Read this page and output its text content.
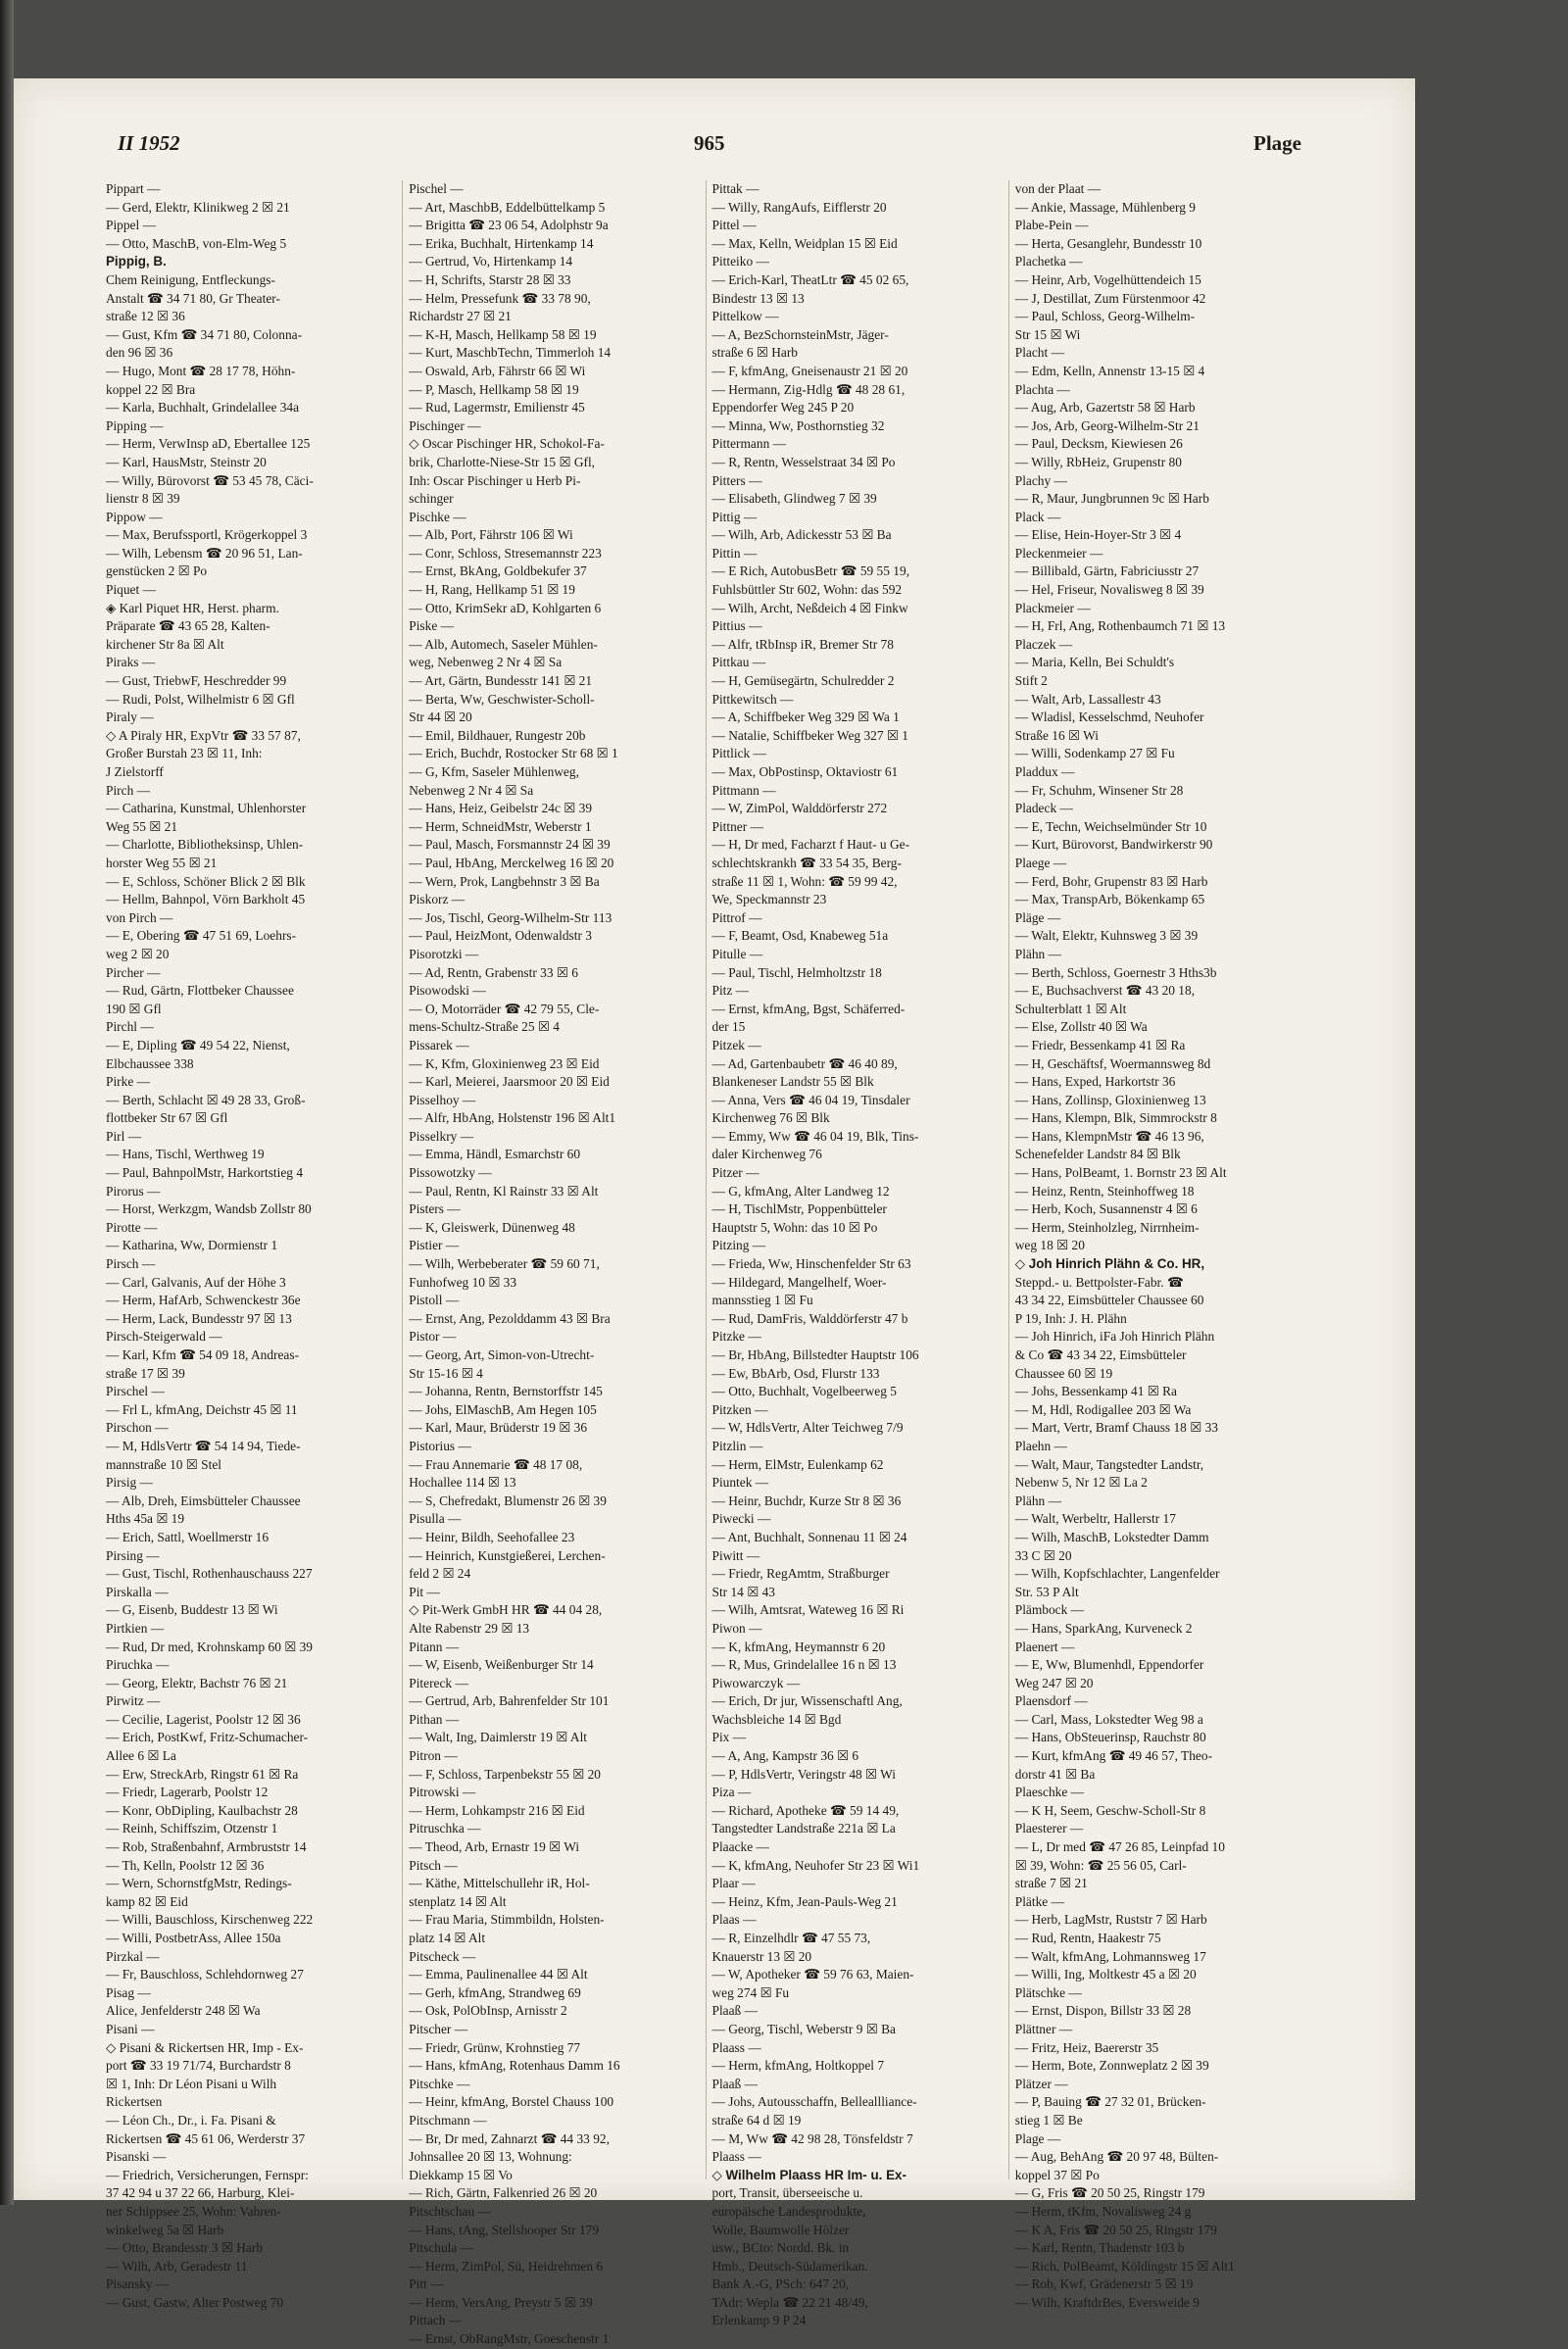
II 1952	965	Plage
Pippart —
— Gerd, Elektr, Klinikweg 2 ☒ 21
Pippel —
— Otto, MaschB, von-Elm-Weg 5
Pippig, B.
Chem Reinigung, Entfleckungs-
Anstalt ☎ 34 71 80, Gr Theater-
straße 12 ☒ 36
— Gust, Kfm ☎ 34 71 80, Colonna-
den 96 ☒ 36
— Hugo, Mont ☎ 28 17 78, Höhn-
koppel 22 ☒ Bra
— Karla, Buchhalt, Grindelallee 34a
Pipping —
— Herm, VerwInsp aD, Ebertallee 125
— Karl, HausMstr, Steinstr 20
— Willy, Bürovorst ☎ 53 45 78, Cäci-
lienstr 8 ☒ 39
Pippow —
— Max, Berufssportl, Krögerkoppel 3
— Wilh, Lebensm ☎ 20 96 51, Lan-
genstücken 2 ☒ Po
Piquet —
◈ Karl Piquet HR, Herst. pharm.
Präparate ☎ 43 65 28, Kalten-
kirchener Str 8a ☒ Alt
Piraks —
— Gust, TriebwF, Heschredder 99
— Rudi, Polst, Wilhelmistr 6 ☒ Gfl
Piraly —
◇ A Piraly HR, ExpVtr ☎ 33 57 87,
Großer Burstah 23 ☒ 11, Inh:
J Zielstorff
Pirch —
— Catharina, Kunstmal, Uhlenhorster
Weg 55 ☒ 21
— Charlotte, Bibliotheksinsp, Uhlen-
horster Weg 55 ☒ 21
— E, Schloss, Schöner Blick 2 ☒ Blk
— Hellm, Bahnpol, Vörn Barkholt 45
von Pirch —
— E, Obering ☎ 47 51 69, Loehrs-
weg 2 ☒ 20
Pircher —
— Rud, Gärtn, Flottbeker Chaussee
190 ☒ Gfl
Pirchl —
— E, Dipling ☎ 49 54 22, Nienst,
Elbchaussee 338
Pirke —
— Berth, Schlacht ☒ 49 28 33, Groß-
flottbeker Str 67 ☒ Gfl
Pirl —
— Hans, Tischl, Werthweg 19
— Paul, BahnpolMstr, Harkortstieg 4
Pirorus —
— Horst, Werkzgm, Wandsb Zollstr 80
Pirotte —
— Katharina, Ww, Dormienstr 1
Pirsch —
— Carl, Galvanis, Auf der Höhe 3
— Herm, HafArb, Schwenckestr 36e
— Herm, Lack, Bundesstr 97 ☒ 13
Pirsch-Steigerwald —
— Karl, Kfm ☎ 54 09 18, Andreas-
straße 17 ☒ 39
Pirschel —
— Frl L, kfmAng, Deichstr 45 ☒ 11
Pirschon —
— M, HdlsVertr ☎ 54 14 94, Tiede-
mannstraße 10 ☒ Stel
Pirsig —
— Alb, Dreh, Eimsbütteler Chaussee
Hths 45a ☒ 19
— Erich, Sattl, Woellmerstr 16
Pirsing —
— Gust, Tischl, Rothenhauschauss 227
Pirskalla —
— G, Eisenb, Buddestr 13 ☒ Wi
Pirtkien —
— Rud, Dr med, Krohnskamp 60 ☒ 39
Piruchka —
— Georg, Elektr, Bachstr 76 ☒ 21
Pirwitz —
— Cecilie, Lagerist, Poolstr 12 ☒ 36
— Erich, PostKwf, Fritz-Schumacher-
Allee 6 ☒ La
— Erw, StreckArb, Ringstr 61 ☒ Ra
— Friedr, Lagerarb, Poolstr 12
— Konr, ObDipling, Kaulbachstr 28
— Reinh, Schiffszim, Otzenstr 1
— Rob, Straßenbahnf, Armbruststr 14
— Th, Kelln, Poolstr 12 ☒ 36
— Wern, SchornstfgMstr, Redings-
kamp 82 ☒ Eid
— Willi, Bauschloss, Kirschenweg 222
— Willi, PostbetrAss, Allee 150a
Pirzkal —
— Fr, Bauschloss, Schlehdornweg 27
Pisag —
Alice, Jenfelderstr 248 ☒ Wa
Pisani —
◇ Pisani & Rickertsen HR, Imp - Ex-
port ☎ 33 19 71/74, Burchardstr 8
☒ 1, Inh: Dr Léon Pisani u Wilh
Rickertsen
— Léon Ch., Dr., i. Fa. Pisani &
Rickertsen ☎ 45 61 06, Werderstr 37
Pisanski —
— Friedrich, Versicherungen, Fernspr:
37 42 94 u 37 22 66, Harburg, Klei-
ner Schippsee 25, Wohn: Vahren-
winkelweg 5a ☒ Harb
— Otto, Brandesstr 3 ☒ Harb
— Wilh, Arb, Geradestr 11
Pisansky —
— Gust, Gastw, Alter Postweg 70
Pischel —
— Art, MaschbB, Eddelbüttelkamp 5
— Brigitta ☎ 23 06 54, Adolphstr 9a
— Erika, Buchhalt, Hirtenkamp 14
— Gertrud, Vo, Hirtenkamp 14
— H, Schrifts, Starstr 28 ☒ 33
— Helm, Pressefunk ☎ 33 78 90,
Richardstr 27 ☒ 21
— K-H, Masch, Hellkamp 58 ☒ 19
— Kurt, MaschbTechn, Timmerloh 14
— Oswald, Arb, Fährstr 66 ☒ Wi
— P, Masch, Hellkamp 58 ☒ 19
— Rud, Lagermstr, Emilienstr 45
Pischinger —
◇ Oscar Pischinger HR, Schokol-Fa-
brik, Charlotte-Niese-Str 15 ☒ Gfl,
Inh: Oscar Pischinger u Herb Pi-
schinger
Pischke —
— Alb, Port, Fährstr 106 ☒ Wi
— Conr, Schloss, Stresemannstr 223
— Ernst, BkAng, Goldbekufer 37
— H, Rang, Hellkamp 51 ☒ 19
— Otto, KrimSekr aD, Kohlgarten 6
Piske —
— Alb, Automech, Saseler Mühlen-
weg, Nebenweg 2 Nr 4 ☒ Sa
— Art, Gärtn, Bundesstr 141 ☒ 21
— Berta, Ww, Geschwister-Scholl-
Str 44 ☒ 20
— Emil, Bildhauer, Rungestr 20b
— Erich, Buchdr, Rostocker Str 68 ☒ 1
— G, Kfm, Saseler Mühlenweg,
Nebenweg 2 Nr 4 ☒ Sa
— Hans, Heiz, Geibelstr 24c ☒ 39
— Herm, SchneidMstr, Weberstr 1
— Paul, Masch, Forsmannstr 24 ☒ 39
— Paul, HbAng, Merckelweg 16 ☒ 20
— Wern, Prok, Langbehnstr 3 ☒ Ba
Piskorz —
— Jos, Tischl, Georg-Wilhelm-Str 113
— Paul, HeizMont, Odenwaldstr 3
Pisorotzki —
— Ad, Rentn, Grabenstr 33 ☒ 6
Pisowodski —
— O, Motorräder ☎ 42 79 55, Cle-
mens-Schultz-Straße 25 ☒ 4
Pissarek —
— K, Kfm, Gloxinienweg 23 ☒ Eid
— Karl, Meierei, Jaarsmoor 20 ☒ Eid
Pisselhoy —
— Alfr, HbAng, Holstenstr 196 ☒ Alt1
Pisselkry —
— Emma, Händl, Esmarchstr 60
Pissowotzky —
— Paul, Rentn, Kl Rainstr 33 ☒ Alt
Pisters —
— K, Gleiswerk, Dünenweg 48
Pistier —
— Wilh, Werbeberater ☎ 59 60 71,
Funhofweg 10 ☒ 33
Pistoll —
— Ernst, Ang, Pezolddamm 43 ☒ Bra
Pistor —
— Georg, Art, Simon-von-Utrecht-
Str 15-16 ☒ 4
— Johanna, Rentn, Bernstorffstr 145
— Johs, ElMaschB, Am Hegen 105
— Karl, Maur, Brüderstr 19 ☒ 36
Pistorius —
— Frau Annemarie ☎ 48 17 08,
Hochallee 114 ☒ 13
— S, Chefredakt, Blumenstr 26 ☒ 39
Pisulla —
— Heinr, Bildh, Seehofallee 23
— Heinrich, Kunstgießerei, Lerchen-
feld 2 ☒ 24
Pit —
◇ Pit-Werk GmbH HR ☎ 44 04 28,
Alte Rabenstr 29 ☒ 13
Pitann —
— W, Eisenb, Weißenburger Str 14
Pitereck —
— Gertrud, Arb, Bahrenfelder Str 101
Pithan —
— Walt, Ing, Daimlerstr 19 ☒ Alt
Pitron —
— F, Schloss, Tarpenbekstr 55 ☒ 20
Pitrowski —
— Herm, Lohkampstr 216 ☒ Eid
Pitruschka —
— Theod, Arb, Ernastr 19 ☒ Wi
Pitsch —
— Käthe, Mittelschullehr iR, Hol-
stenplatz 14 ☒ Alt
— Frau Maria, Stimmbildn, Holsten-
platz 14 ☒ Alt
Pitscheck —
— Emma, Paulinenallee 44 ☒ Alt
— Gerh, kfmAng, Strandweg 69
— Osk, PolObInsp, Arnisstr 2
Pitscher —
— Friedr, Grünw, Krohnstieg 77
— Hans, kfmAng, Rotenhaus Damm 16
Pitschke —
— Heinr, kfmAng, Borstel Chauss 100
Pitschmann —
— Br, Dr med, Zahnarzt ☎ 44 33 92,
Johnsallee 20 ☒ 13, Wohnung:
Diekkamp 15 ☒ Vo
— Rich, Gärtn, Falkenried 26 ☒ 20
Pitschtschau —
— Hans, tAng, Stellshooper Str 179
Pitschula —
— Herm, ZimPol, Sü, Heidrehmen 6
Pitt —
— Herm, VersAng, Preystr 5 ☒ 39
Pittach —
— Ernst, ObRangMstr, Goeschenstr 1
Pittak —
— Willy, RangAufs, Eifflerstr 20
Pittel —
— Max, Kelln, Weidplan 15 ☒ Eid
Pitteiko —
— Erich-Karl, TheatLtr ☎ 45 02 65,
Bindestr 13 ☒ 13
Pittelkow —
— A, BezSchornsteinMstr, Jäger-
straße 6 ☒ Harb
— F, kfmAng, Gneisenaustr 21 ☒ 20
— Hermann, Zig-Hdlg ☎ 48 28 61,
Eppendorfer Weg 245 P 20
— Minna, Ww, Posthornstieg 32
Pittermann —
— R, Rentn, Wesselstraat 34 ☒ Po
Pitters —
— Elisabeth, Glindweg 7 ☒ 39
Pittig —
— Wilh, Arb, Adickesstr 53 ☒ Ba
Pittin —
— E Rich, AutobusBetr ☎ 59 55 19,
Fuhlsbüttler Str 602, Wohn: das 592
— Wilh, Archt, Neßdeich 4 ☒ Finkw
Pittius —
— Alfr, tRbInsp iR, Bremer Str 78
Pittkau —
— H, Gemüsegärtn, Schulredder 2
Pittkewitsch —
— A, Schiffbeker Weg 329 ☒ Wa 1
— Natalie, Schiffbeker Weg 327 ☒ 1
Pittlick —
— Max, ObPostinsp, Oktaviostr 61
Pittmann —
— W, ZimPol, Walddörferstr 272
Pittner —
— H, Dr med, Facharzt f Haut- u Ge-
schlechtskrankh ☎ 33 54 35, Berg-
straße 11 ☒ 1, Wohn: ☎ 59 99 42,
We, Speckmannstr 23
Pittrof —
— F, Beamt, Osd, Knabeweg 51a
Pitulle —
— Paul, Tischl, Helmholtzstr 18
Pitz —
— Ernst, kfmAng, Bgst, Schäferred-
der 15
Pitzek —
— Ad, Gartenbaubetr ☎ 46 40 89,
Blankeneser Landstr 55 ☒ Blk
— Anna, Vers ☎ 46 04 19, Tinsdaler
Kirchenweg 76 ☒ Blk
— Emmy, Ww ☎ 46 04 19, Blk, Tins-
daler Kirchenweg 76
Pitzer —
— G, kfmAng, Alter Landweg 12
— H, TischlMstr, Poppenbütteler
Hauptstr 5, Wohn: das 10 ☒ Po
Pitzing —
— Frieda, Ww, Hinschenfelder Str 63
— Hildegard, Mangelhelf, Woer-
mannsstieg 1 ☒ Fu
— Rud, DamFris, Walddörferstr 47 b
Pitzke —
— Br, HbAng, Billstedter Hauptstr 106
— Ew, BbArb, Osd, Flurstr 133
— Otto, Buchhalt, Vogelbeerweg 5
Pitzken —
— W, HdlsVertr, Alter Teichweg 7/9
Pitzlin —
— Herm, ElMstr, Eulenkamp 62
Piuntek —
— Heinr, Buchdr, Kurze Str 8 ☒ 36
Piwecki —
— Ant, Buchhalt, Sonnenau 11 ☒ 24
Piwitt —
— Friedr, RegAmtm, Straßburger
Str 14 ☒ 43
— Wilh, Amtsrat, Wateweg 16 ☒ Ri
Piwon —
— K, kfmAng, Heymannstr 6 20
— R, Mus, Grindelallee 16 n ☒ 13
Piwowarczyk —
— Erich, Dr jur, Wissenschaftl Ang,
Wachsbleiche 14 ☒ Bgd
Pix —
— A, Ang, Kampstr 36 ☒ 6
— P, HdlsVertr, Veringstr 48 ☒ Wi
Piza —
— Richard, Apotheke ☎ 59 14 49,
Tangstedter Landstraße 221a ☒ La
Plaacke —
— K, kfmAng, Neuhofer Str 23 ☒ Wi1
Plaar —
— Heinz, Kfm, Jean-Pauls-Weg 21
Plaas —
— R, Einzelhdlr ☎ 47 55 73,
Knauerstr 13 ☒ 20
— W, Apotheker ☎ 59 76 63, Maien-
weg 274 ☒ Fu
Plaaß —
— Georg, Tischl, Weberstr 9 ☒ Ba
Plaass —
— Herm, kfmAng, Holtkoppel 7
Plaaß —
— Johs, Autousschaffn, Belleallliance-
straße 64 d ☒ 19
— M, Ww ☎ 42 98 28, Tönsfeldstr 7
Plaass —
◇ Wilhelm Plaass HR Im- u. Ex-
port, Transit, überseeische u.
europäische Landesprodukte,
Wolle, Baumwolle Hölzer
usw., BCto: Nordd. Bk. in
Hmb., Deutsch-Südamerikan.
Bank A.-G, PSch: 647 20,
TAdr: Wepla ☎ 22 21 48/49,
Erlenkamp 9 P 24
von der Plaat —
— Ankie, Massage, Mühlenberg 9
Plabe-Pein —
— Herta, Gesanglehr, Bundesstr 10
Plachetka —
— Heinr, Arb, Vogelhüttendeich 15
— J, Destillat, Zum Fürstenmoor 42
— Paul, Schloss, Georg-Wilhelm-
Str 15 ☒ Wi
Placht —
— Edm, Kelln, Annenstr 13-15 ☒ 4
Plachta —
— Aug, Arb, Gazertstr 58 ☒ Harb
— Jos, Arb, Georg-Wilhelm-Str 21
— Paul, Decksm, Kiewiesen 26
— Willy, RbHeiz, Grupenstr 80
Plachy —
— R, Maur, Jungbrunnen 9c ☒ Harb
Plack —
— Elise, Hein-Hoyer-Str 3 ☒ 4
Pleckenmeier —
— Billibald, Gärtn, Fabriciusstr 27
— Hel, Friseur, Novalisweg 8 ☒ 39
Plackmeier —
— H, Frl, Ang, Rothenbaumch 71 ☒ 13
Placzek —
— Maria, Kelln, Bei Schuldt's
Stift 2
— Walt, Arb, Lassallestr 43
— Wladisl, Kesselschmd, Neuhofer
Straße 16 ☒ Wi
— Willi, Sodenkamp 27 ☒ Fu
Pladdux —
— Fr, Schuhm, Winsener Str 28
Pladeck —
— E, Techn, Weichselmünder Str 10
— Kurt, Bürovorst, Bandwirkerstr 90
Plaege —
— Ferd, Bohr, Grupenstr 83 ☒ Harb
— Max, TranspArb, Bökenkamp 65
Pläge —
— Walt, Elektr, Kuhnsweg 3 ☒ 39
Plähn —
— Berth, Schloss, Goernestr 3 Hths3b
— E, Buchsachverst ☎ 43 20 18,
Schulterblatt 1 ☒ Alt
— Else, Zollstr 40 ☒ Wa
— Friedr, Bessenkamp 41 ☒ Ra
— H, Geschäftsf, Woermannsweg 8d
— Hans, Exped, Harkortstr 36
— Hans, Zollinsp, Gloxinienweg 13
— Hans, Klempn, Blk, Simmrockstr 8
— Hans, KlempnMstr ☎ 46 13 96,
Schenefelder Landstr 84 ☒ Blk
— Hans, PolBeamt, 1. Bornstr 23 ☒ Alt
— Heinz, Rentn, Steinhoffweg 18
— Herb, Koch, Susannenstr 4 ☒ 6
— Herm, Steinholzleg, Nirrnheim-
weg 18 ☒ 20
◇ Joh Hinrich Plähn & Co. HR,
Steppd.- u. Bettpolster-Fabr. ☎
43 34 22, Eimsbütteler Chaussee 60
P 19, Inh: J. H. Plähn
— Joh Hinrich, iFa Joh Hinrich Plähn
& Co ☎ 43 34 22, Eimsbütteler
Chaussee 60 ☒ 19
— Johs, Bessenkamp 41 ☒ Ra
— M, Hdl, Rodigallee 203 ☒ Wa
— Mart, Vertr, Bramf Chauss 18 ☒ 33
Plaehn —
— Walt, Maur, Tangstedter Landstr,
Nebenw 5, Nr 12 ☒ La 2
Plähn —
— Walt, Werbeltr, Hallerstr 17
— Wilh, MaschB, Lokstedter Damm
33 C ☒ 20
— Wilh, Kopfschlachter, Langenfelder
Str. 53 P Alt
Plämbock —
— Hans, SparkAng, Kurveneck 2
Plaenert —
— E, Ww, Blumenhdl, Eppendorfer
Weg 247 ☒ 20
Plaensdorf —
— Carl, Mass, Lokstedter Weg 98 a
— Hans, ObSteuerinsp, Rauchstr 80
— Kurt, kfmAng ☎ 49 46 57, Theo-
dorstr 41 ☒ Ba
Plaeschke —
— K H, Seem, Geschw-Scholl-Str 8
Plaesterer —
— L, Dr med ☎ 47 26 85, Leinpfad 10
☒ 39, Wohn: ☎ 25 56 05, Carl-
straße 7 ☒ 21
Plätke —
— Herb, LagMstr, Ruststr 7 ☒ Harb
— Rud, Rentn, Haakestr 75
— Walt, kfmAng, Lohmannsweg 17
— Willi, Ing, Moltkestr 45 a ☒ 20
Plätschke —
— Ernst, Dispon, Billstr 33 ☒ 28
Plättner —
— Fritz, Heiz, Baererstr 35
— Herm, Bote, Zonnweplatz 2 ☒ 39
Plätzer —
— P, Bauing ☎ 27 32 01, Brücken-
stieg 1 ☒ Be
Plage —
— Aug, BehAng ☎ 20 97 48, Bülten-
koppel 37 ☒ Po
— G, Fris ☎ 20 50 25, Ringstr 179
— Herm, tKfm, Novalisweg 24 g
— K A, Fris ☎ 20 50 25, Ringstr 179
— Karl, Rentn, Thadenstr 103 b
— Rich, PolBeamt, Köldingstr 15 ☒ Alt1
— Rob, Kwf, Grädenerstr 5 ☒ 19
— Wilh, KraftdrBes, Eversweide 9
